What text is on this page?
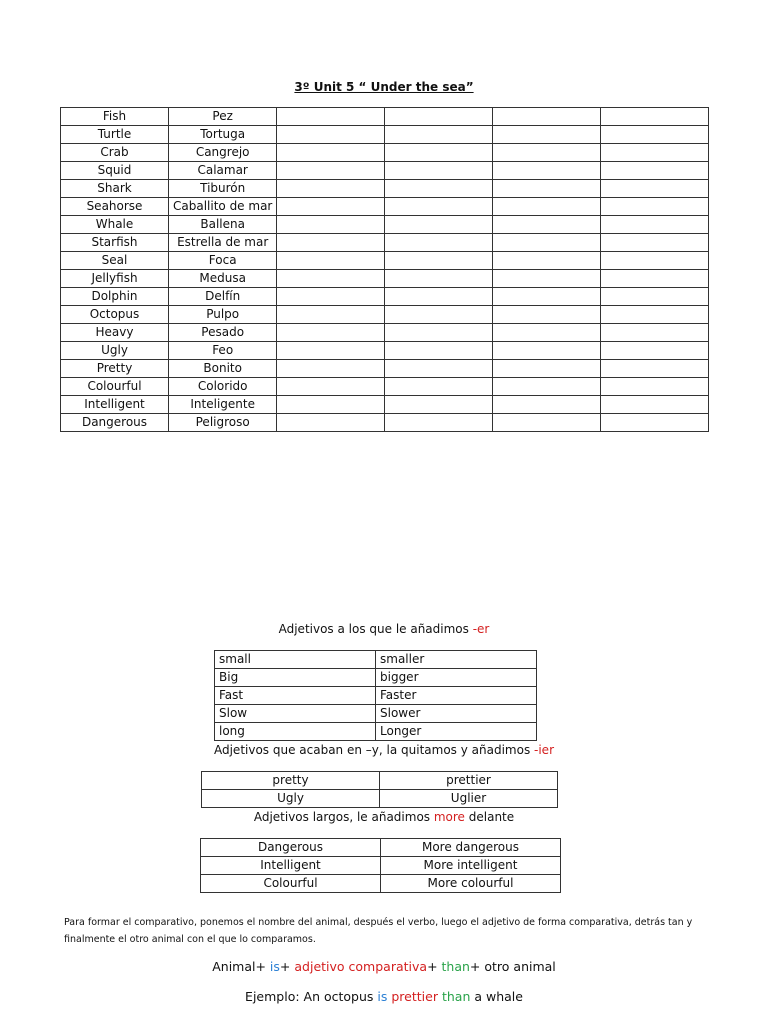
3º Unit 5 “ Under the sea”
Fish	Pez				
Turtle	Tortuga				
Crab	Cangrejo				
Squid	Calamar				
Shark	Tiburón				
Seahorse	Caballito de mar				
Whale	Ballena				
Starfish	Estrella de mar				
Seal	Foca				
Jellyfish	Medusa				
Dolphin	Delfín				
Octopus	Pulpo				
Heavy	Pesado				
Ugly	Feo				
Pretty	Bonito				
Colourful	Colorido				
Intelligent	Inteligente				
Dangerous	Peligroso				
Adjetivos a los que le añadimos -er
small	smaller
Big	bigger
Fast	Faster
Slow	Slower
long	Longer
Adjetivos que acaban en –y, la quitamos y añadimos -ier
pretty	prettier
Ugly	Uglier
Adjetivos largos, le añadimos more delante
Dangerous	More dangerous
Intelligent	More intelligent
Colourful	More colourful
Para formar el comparativo, ponemos el nombre del animal, después el verbo, luego el adjetivo de forma comparativa, detrás tan y finalmente el otro animal con el que lo comparamos.
Animal+ is+ adjetivo comparativa+ than+ otro animal
Ejemplo: An octopus is prettier than a whale
